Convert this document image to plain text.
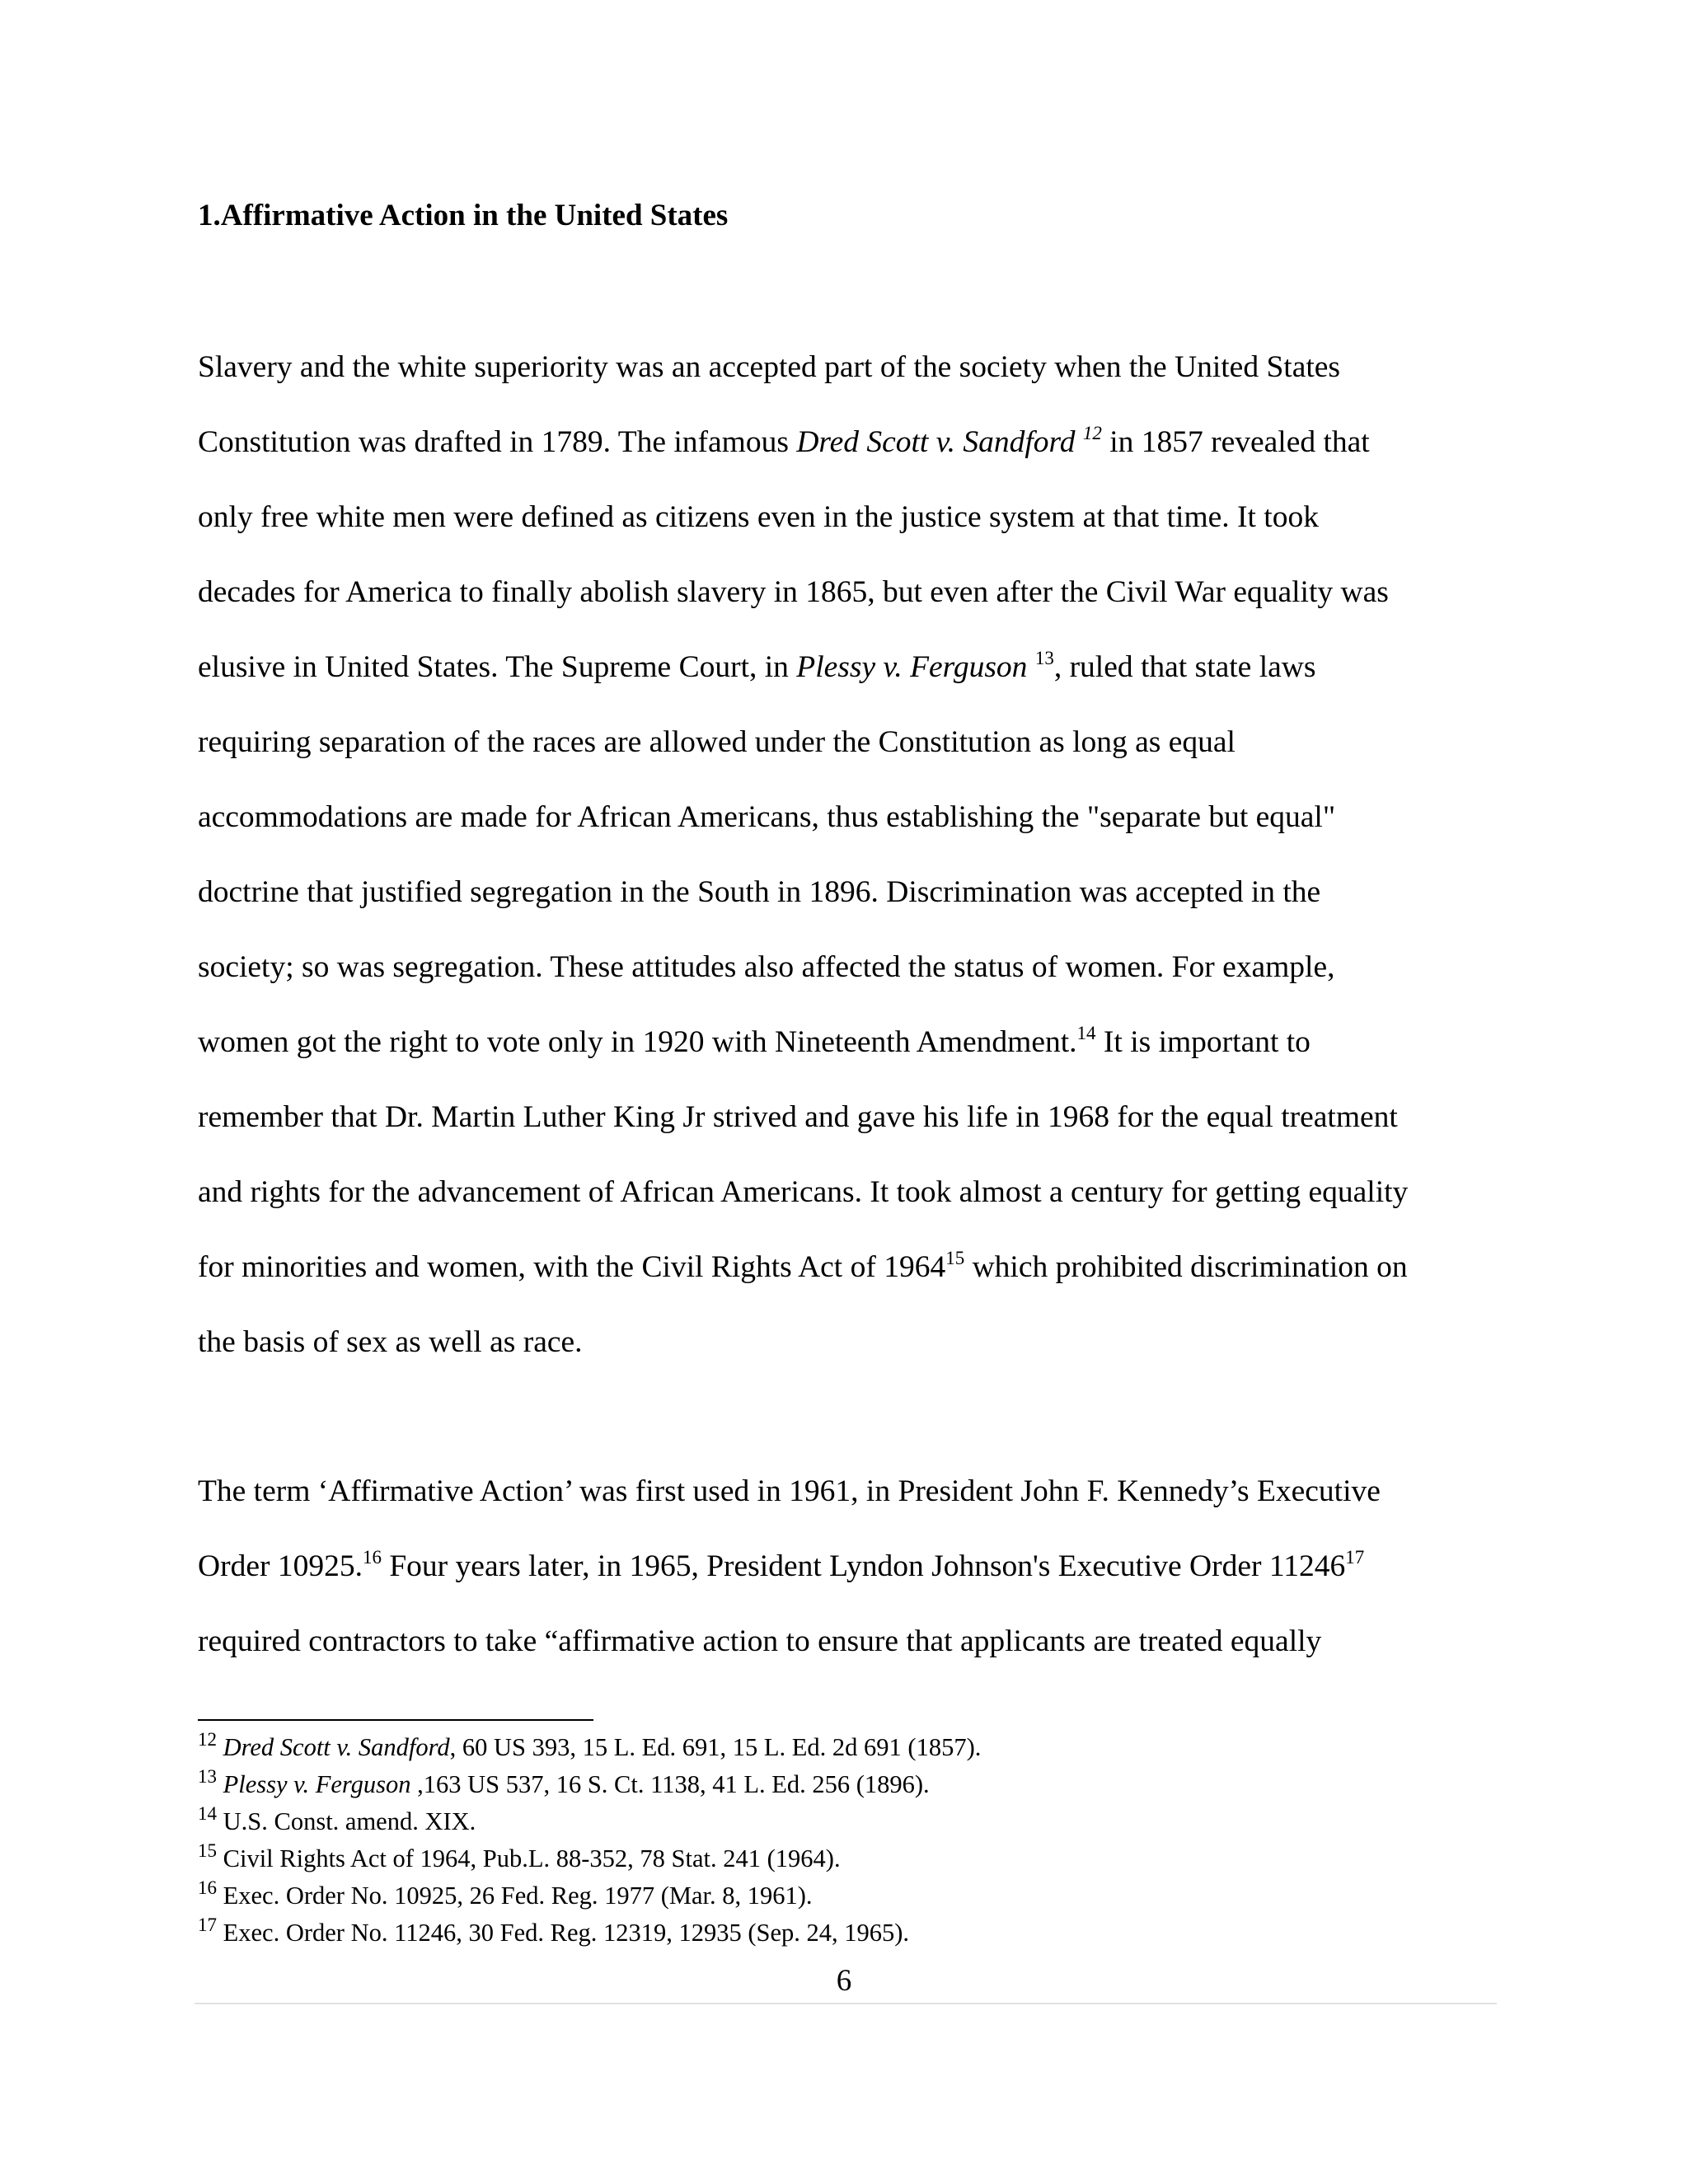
1.Affirmative Action in the United States
Slavery and the white superiority was an accepted part of the society when the United States
Constitution was drafted in 1789. The infamous Dred Scott v. Sandford $^{12}$ in 1857 revealed that
only free white men were defined as citizens even in the justice system at that time. It took
decades for America to finally abolish slavery in 1865, but even after the Civil War equality was
elusive in United States. The Supreme Court, in Plessy v. Ferguson $^{13}$, ruled that state laws
requiring separation of the races are allowed under the Constitution as long as equal
accommodations are made for African Americans, thus establishing the "separate but equal"
doctrine that justified segregation in the South in 1896. Discrimination was accepted in the
society; so was segregation. These attitudes also affected the status of women. For example,
women got the right to vote only in 1920 with Nineteenth Amendment.$^{14}$ It is important to
remember that Dr. Martin Luther King Jr strived and gave his life in 1968 for the equal treatment
and rights for the advancement of African Americans. It took almost a century for getting equality
for minorities and women, with the Civil Rights Act of 1964$^{15}$ which prohibited discrimination on
the basis of sex as well as race.
The term ‘Affirmative Action’ was first used in 1961, in President John F. Kennedy’s Executive
Order 10925.16 Four years later, in 1965, President Lyndon Johnson's Executive Order 11246$^{17}$
required contractors to take “affirmative action to ensure that applicants are treated equally
$^{12}$ Dred Scott v. Sandford, 60 US 393, 15 L. Ed. 691, 15 L. Ed. 2d 691 (1857).
$^{13}$ Plessy v. Ferguson ,163 US 537, 16 S. Ct. 1138, 41 L. Ed. 256 (1896).
$^{14}$ U.S. Const. amend. XIX.
$^{15}$ Civil Rights Act of 1964, Pub.L. 88-352, 78 Stat. 241 (1964).
$^{16}$ Exec. Order No. 10925, 26 Fed. Reg. 1977 (Mar. 8, 1961).
$^{17}$ Exec. Order No. 11246, 30 Fed. Reg. 12319, 12935 (Sep. 24, 1965).
6
